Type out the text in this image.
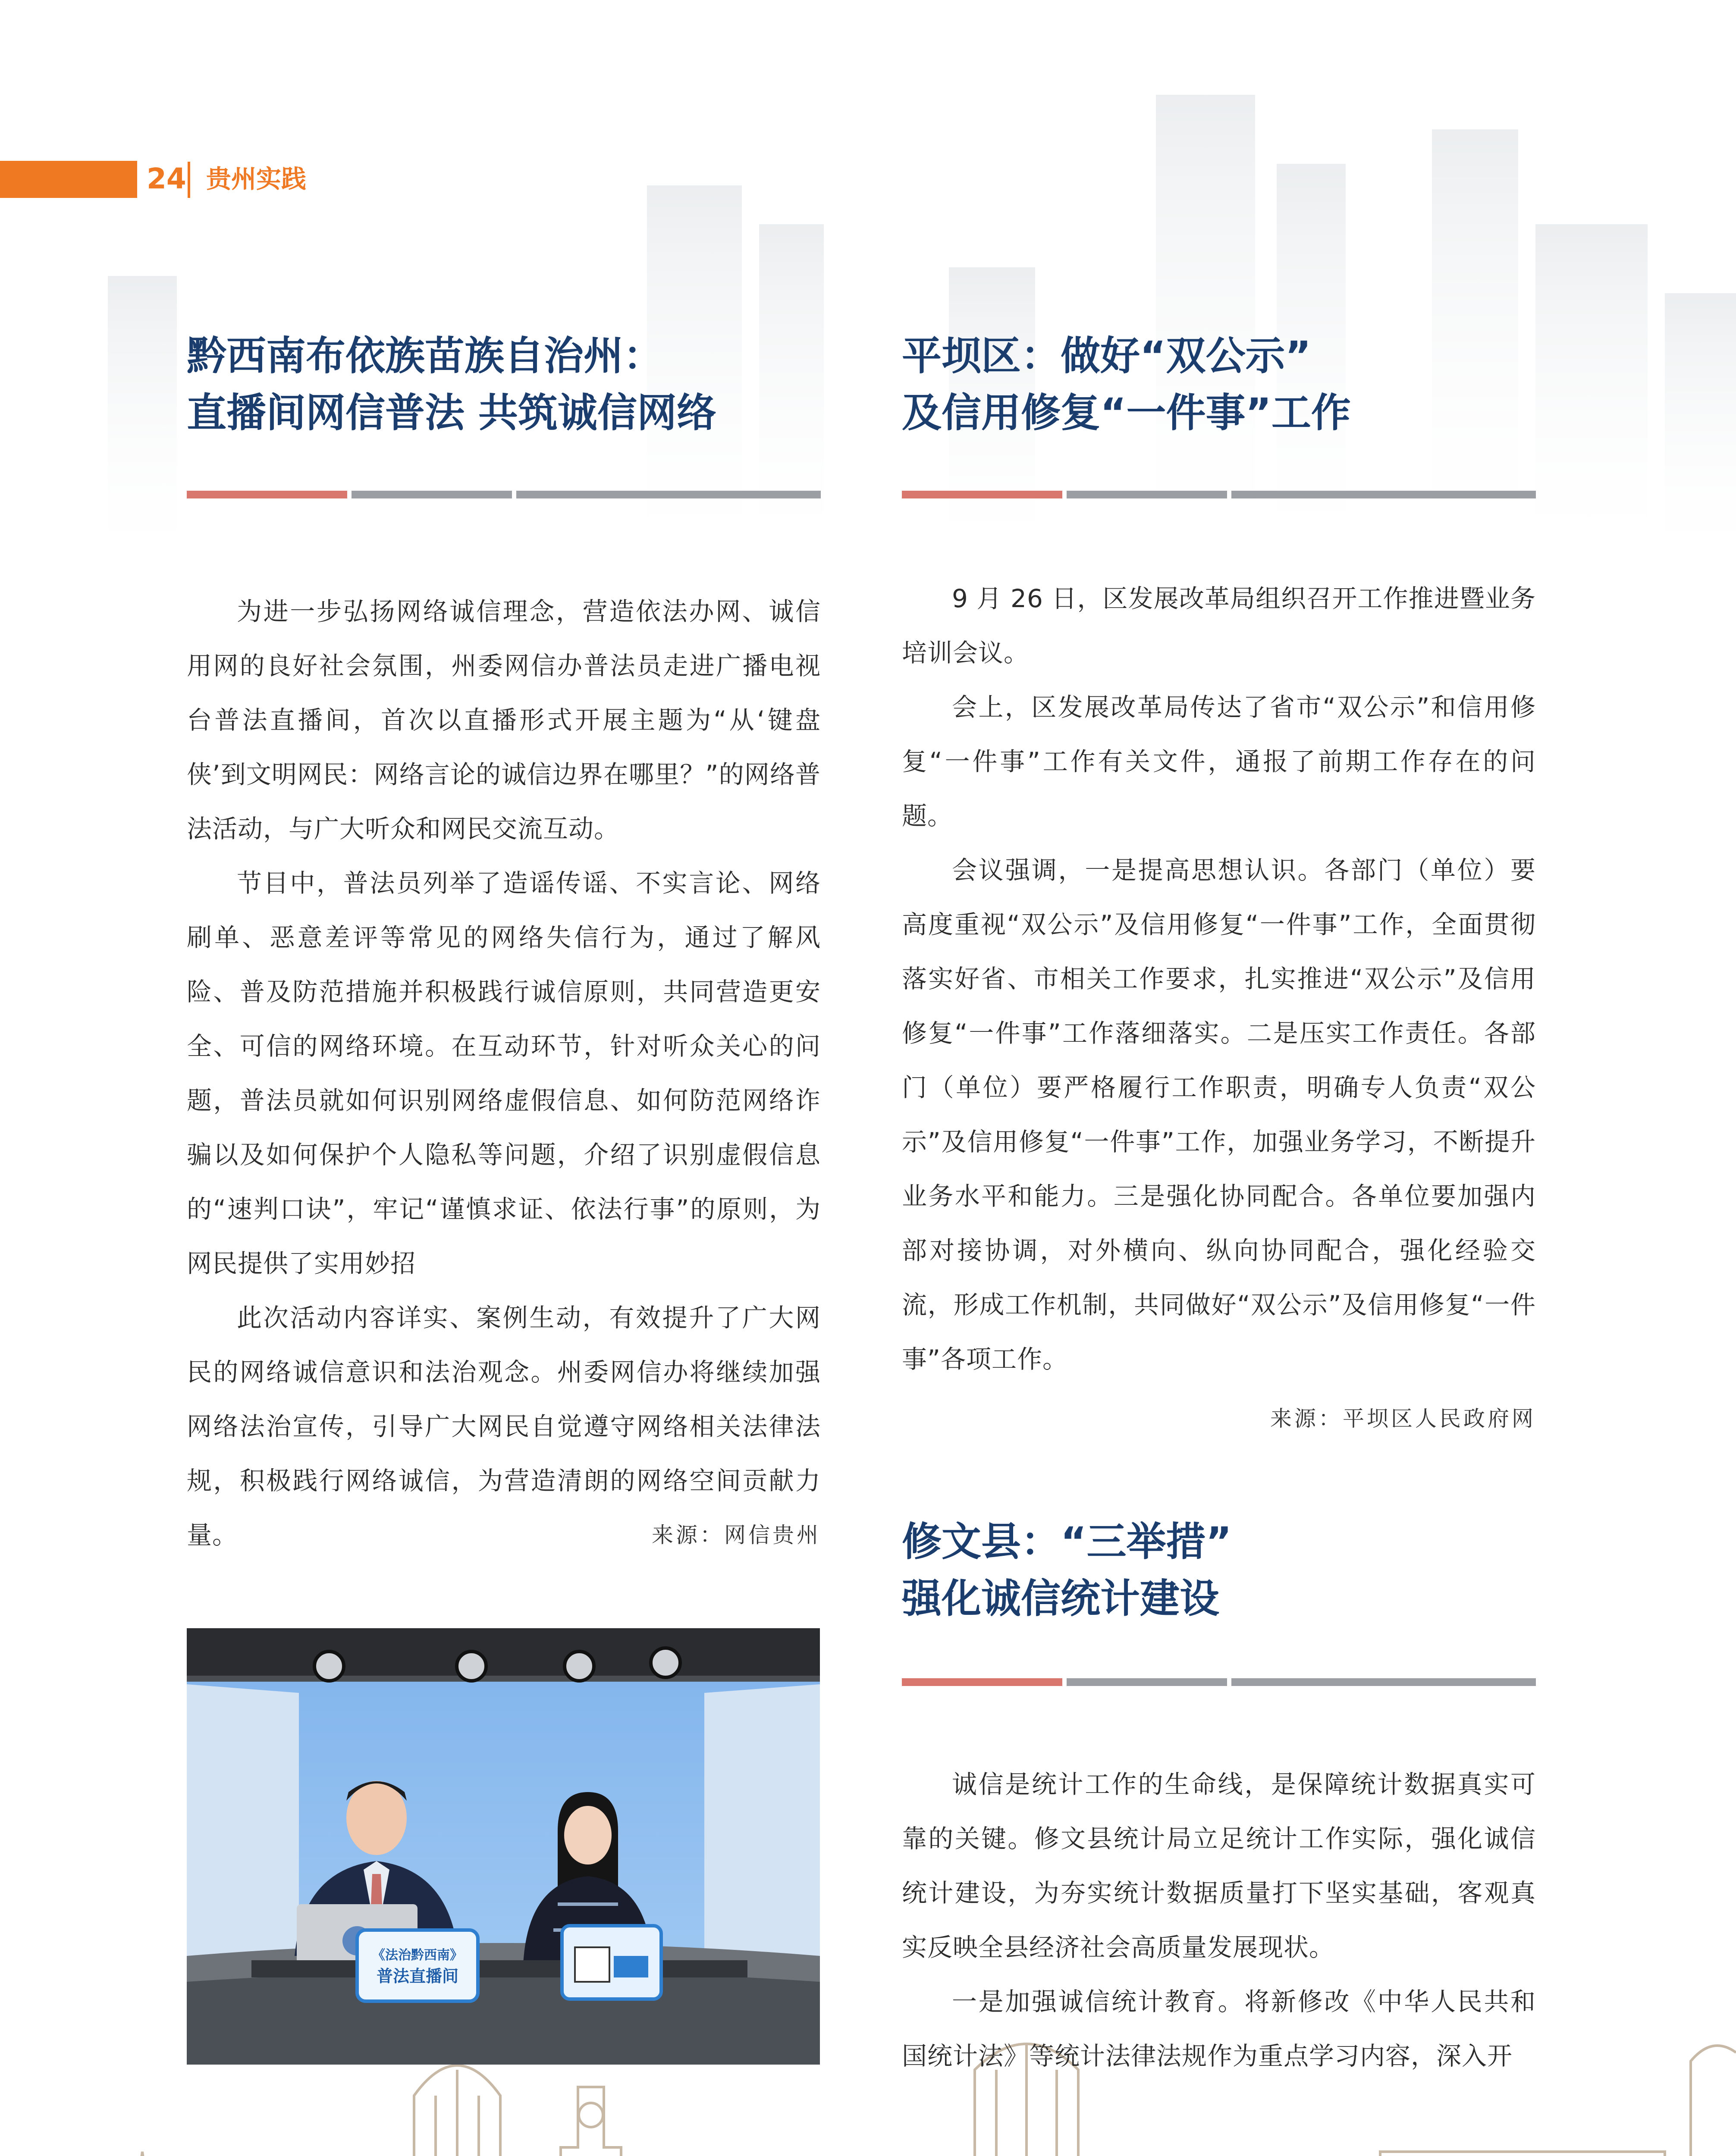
24 贵州实践
黔西南布依族苗族自治州：
直播间网信普法 共筑诚信网络

为进一步弘扬网络诚信理念，营造依法办网、诚信用网的良好社会氛围，州委网信办普法员走进广播电视台普法直播间，首次以直播形式开展主题为“从‘键盘侠’到文明网民：网络言论的诚信边界在哪里？”的网络普法活动，与广大听众和网民交流互动。

节目中，普法员列举了造谣传谣、不实言论、网络刷单、恶意差评等常见的网络失信行为，通过了解风险、普及防范措施并积极践行诚信原则，共同营造更安全、可信的网络环境。在互动环节，针对听众关心的问题，普法员就如何识别网络虚假信息、如何防范网络诈骗以及如何保护个人隐私等问题，介绍了识别虚假信息的“速判口诀”，牢记“谨慎求证、依法行事”的原则，为网民提供了实用妙招

此次活动内容详实、案例生动，有效提升了广大网民的网络诚信意识和法治观念。州委网信办将继续加强网络法治宣传，引导广大网民自觉遵守网络相关法律法规，积极践行网络诚信，为营造清朗的网络空间贡献力量。	来源：网信贵州
《法治黔西南》
普法直播间
平坝区：做好“双公示”
及信用修复“一件事”工作

9 月 26 日，区发展改革局组织召开工作推进暨业务培训会议。

会上，区发展改革局传达了省市“双公示”和信用修复“一件事”工作有关文件，通报了前期工作存在的问题。

会议强调，一是提高思想认识。各部门（单位）要高度重视“双公示”及信用修复“一件事”工作，全面贯彻落实好省、市相关工作要求，扎实推进“双公示”及信用修复“一件事”工作落细落实。二是压实工作责任。各部门（单位）要严格履行工作职责，明确专人负责“双公示”及信用修复“一件事”工作，加强业务学习，不断提升业务水平和能力。三是强化协同配合。各单位要加强内部对接协调，对外横向、纵向协同配合，强化经验交流，形成工作机制，共同做好“双公示”及信用修复“一件事”各项工作。

来源：平坝区人民政府网
修文县：“三举措”
强化诚信统计建设

诚信是统计工作的生命线，是保障统计数据真实可靠的关键。修文县统计局立足统计工作实际，强化诚信统计建设，为夯实统计数据质量打下坚实基础，客观真实反映全县经济社会高质量发展现状。

一是加强诚信统计教育。将新修改《中华人民共和国统计法》等统计法律法规作为重点学习内容，深入开
